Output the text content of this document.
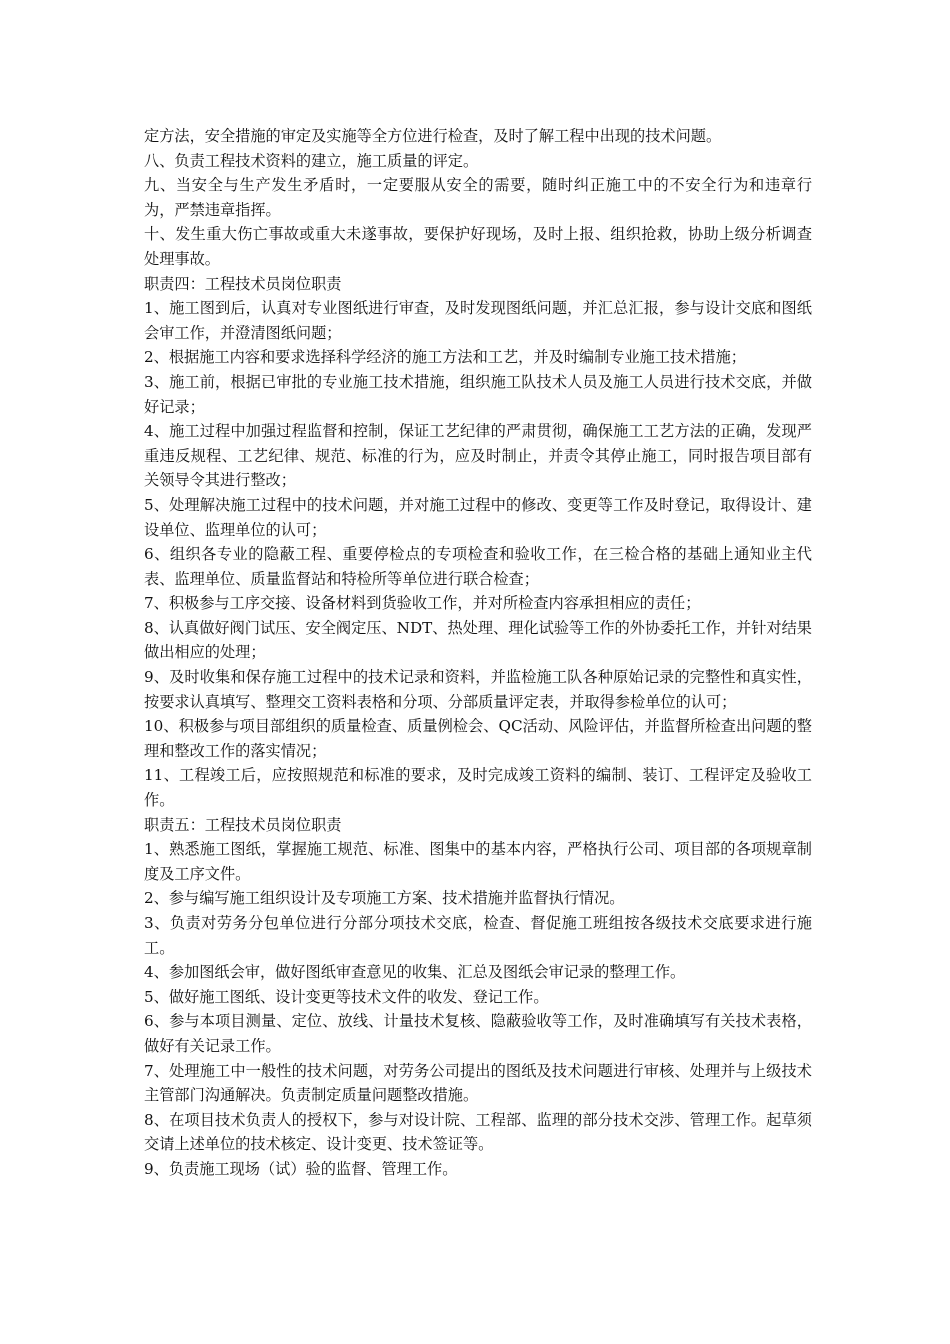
定方法，安全措施的审定及实施等全方位进行检查，及时了解工程中出现的技术问题。

八、负责工程技术资料的建立，施工质量的评定。

九、当安全与生产发生矛盾时，一定要服从安全的需要，随时纠正施工中的不安全行为和违章行为，严禁违章指挥。

十、发生重大伤亡事故或重大未遂事故，要保护好现场，及时上报、组织抢救，协助上级分析调查处理事故。

职责四：工程技术员岗位职责

1、施工图到后，认真对专业图纸进行审查，及时发现图纸问题，并汇总汇报，参与设计交底和图纸会审工作，并澄清图纸问题；

2、根据施工内容和要求选择科学经济的施工方法和工艺，并及时编制专业施工技术措施；

3、施工前，根据已审批的专业施工技术措施，组织施工队技术人员及施工人员进行技术交底，并做好记录；

4、施工过程中加强过程监督和控制，保证工艺纪律的严肃贯彻，确保施工工艺方法的正确，发现严重违反规程、工艺纪律、规范、标准的行为，应及时制止，并责令其停止施工，同时报告项目部有关领导令其进行整改；

5、处理解决施工过程中的技术问题，并对施工过程中的修改、变更等工作及时登记，取得设计、建设单位、监理单位的认可；

6、组织各专业的隐蔽工程、重要停检点的专项检查和验收工作，在三检合格的基础上通知业主代表、监理单位、质量监督站和特检所等单位进行联合检查；

7、积极参与工序交接、设备材料到货验收工作，并对所检查内容承担相应的责任；

8、认真做好阀门试压、安全阀定压、NDT、热处理、理化试验等工作的外协委托工作，并针对结果做出相应的处理；

9、及时收集和保存施工过程中的技术记录和资料，并监检施工队各种原始记录的完整性和真实性，按要求认真填写、整理交工资料表格和分项、分部质量评定表，并取得参检单位的认可；

10、积极参与项目部组织的质量检查、质量例检会、QC活动、风险评估，并监督所检查出问题的整理和整改工作的落实情况；

11、工程竣工后，应按照规范和标准的要求，及时完成竣工资料的编制、装订、工程评定及验收工作。

职责五：工程技术员岗位职责

1、熟悉施工图纸，掌握施工规范、标准、图集中的基本内容，严格执行公司、项目部的各项规章制度及工序文件。

2、参与编写施工组织设计及专项施工方案、技术措施并监督执行情况。

3、负责对劳务分包单位进行分部分项技术交底，检查、督促施工班组按各级技术交底要求进行施工。

4、参加图纸会审，做好图纸审查意见的收集、汇总及图纸会审记录的整理工作。

5、做好施工图纸、设计变更等技术文件的收发、登记工作。

6、参与本项目测量、定位、放线、计量技术复核、隐蔽验收等工作，及时准确填写有关技术表格，做好有关记录工作。

7、处理施工中一般性的技术问题，对劳务公司提出的图纸及技术问题进行审核、处理并与上级技术主管部门沟通解决。负责制定质量问题整改措施。

8、在项目技术负责人的授权下，参与对设计院、工程部、监理的部分技术交涉、管理工作。起草须交请上述单位的技术核定、设计变更、技术签证等。

9、负责施工现场（试）验的监督、管理工作。
